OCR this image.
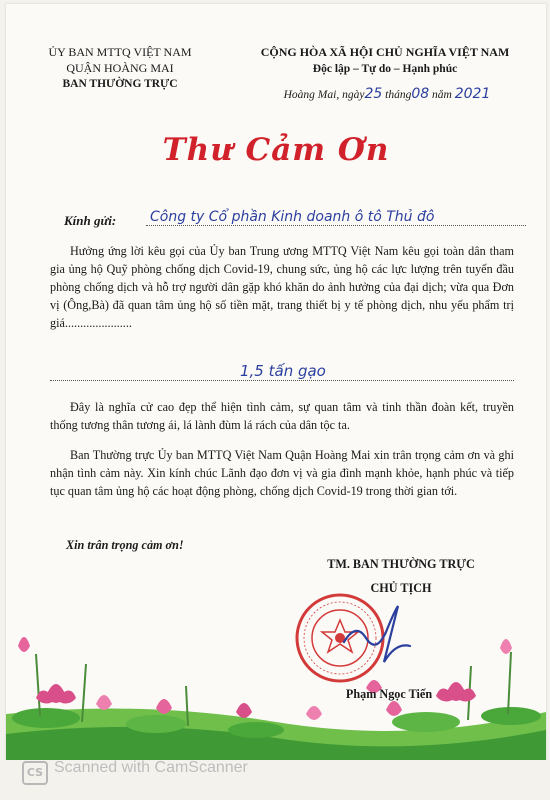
ỦY BAN MTTQ VIỆT NAM
QUẬN HOÀNG MAI
BAN THƯỜNG TRỰC
CỘNG HÒA XÃ HỘI CHỦ NGHĨA VIỆT NAM
Độc lập – Tự do – Hạnh phúc
Hoàng Mai, ngày25 tháng08 năm 2021
Thư Cảm Ơn
Kính gửi: Công ty Cổ phần Kinh doanh ô tô Thủ đô
Hưởng ứng lời kêu gọi của Ủy ban Trung ương MTTQ Việt Nam kêu gọi toàn dân tham gia ủng hộ Quỹ phòng chống dịch Covid-19, chung sức, ủng hộ các lực lượng trên tuyến đầu phòng chống dịch và hỗ trợ người dân gặp khó khăn do ảnh hưởng của đại dịch; vừa qua Đơn vị (Ông,Bà) đã quan tâm ủng hộ số tiền mặt, trang thiết bị y tế phòng dịch, nhu yếu phẩm trị giá......................
1,5 tấn gạo
Đây là nghĩa cử cao đẹp thể hiện tình cảm, sự quan tâm và tinh thần đoàn kết, truyền thống tương thân tương ái, lá lành đùm lá rách của dân tộc ta.
Ban Thường trực Ủy ban MTTQ Việt Nam Quận Hoàng Mai xin trân trọng cảm ơn và ghi nhận tình cảm này. Xin kính chúc Lãnh đạo đơn vị và gia đình mạnh khỏe, hạnh phúc và tiếp tục quan tâm ủng hộ các hoạt động phòng, chống dịch Covid-19 trong thời gian tới.
Xin trân trọng cảm ơn!
TM. BAN THƯỜNG TRỰC
CHỦ TỊCH
Phạm Ngọc Tiến
CS Scanned with CamScanner
